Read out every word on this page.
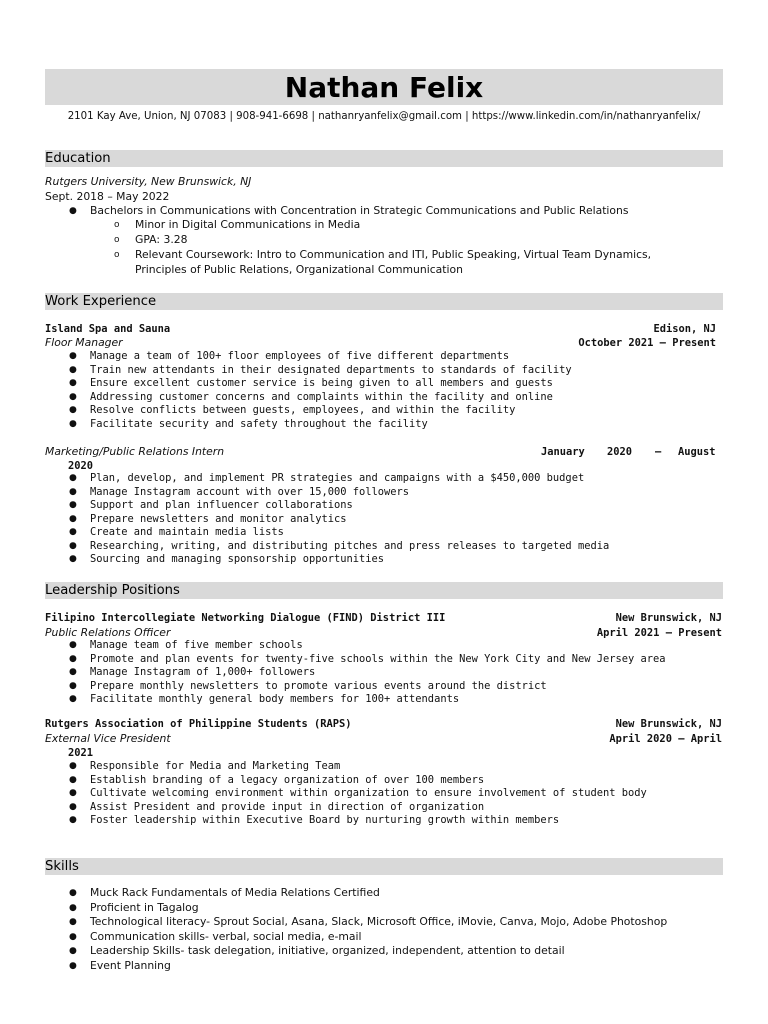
Nathan Felix
2101 Kay Ave, Union, NJ 07083 | 908-941-6698 | nathanryanfelix@gmail.com | https://www.linkedin.com/in/nathanryanfelix/
Education
Rutgers University, New Brunswick, NJ
Sept. 2018 – May 2022
● Bachelors in Communications with Concentration in Strategic Communications and Public Relations
o Minor in Digital Communications in Media
o GPA: 3.28
o Relevant Coursework: Intro to Communication and ITI, Public Speaking, Virtual Team Dynamics,
Principles of Public Relations, Organizational Communication
Work Experience
Island Spa and Sauna	Edison, NJ
Floor Manager	October 2021 – Present
● Manage a team of 100+ floor employees of five different departments
● Train new attendants in their designated departments to standards of facility
● Ensure excellent customer service is being given to all members and guests
● Addressing customer concerns and complaints within the facility and online
● Resolve conflicts between guests, employees, and within the facility
● Facilitate security and safety throughout the facility
Marketing/Public Relations Intern	January 2020 – August
2020
● Plan, develop, and implement PR strategies and campaigns with a $450,000 budget
● Manage Instagram account with over 15,000 followers
● Support and plan influencer collaborations
● Prepare newsletters and monitor analytics
● Create and maintain media lists
● Researching, writing, and distributing pitches and press releases to targeted media
● Sourcing and managing sponsorship opportunities
Leadership Positions
Filipino Intercollegiate Networking Dialogue (FIND) District III	New Brunswick, NJ
Public Relations Officer	April 2021 – Present
● Manage team of five member schools
● Promote and plan events for twenty-five schools within the New York City and New Jersey area
● Manage Instagram of 1,000+ followers
● Prepare monthly newsletters to promote various events around the district
● Facilitate monthly general body members for 100+ attendants
Rutgers Association of Philippine Students (RAPS)	New Brunswick, NJ
External Vice President	April 2020 – April
2021
● Responsible for Media and Marketing Team
● Establish branding of a legacy organization of over 100 members
● Cultivate welcoming environment within organization to ensure involvement of student body
● Assist President and provide input in direction of organization
● Foster leadership within Executive Board by nurturing growth within members
Skills
● Muck Rack Fundamentals of Media Relations Certified
● Proficient in Tagalog
● Technological literacy- Sprout Social, Asana, Slack, Microsoft Office, iMovie, Canva, Mojo, Adobe Photoshop
● Communication skills- verbal, social media, e-mail
● Leadership Skills- task delegation, initiative, organized, independent, attention to detail
● Event Planning
